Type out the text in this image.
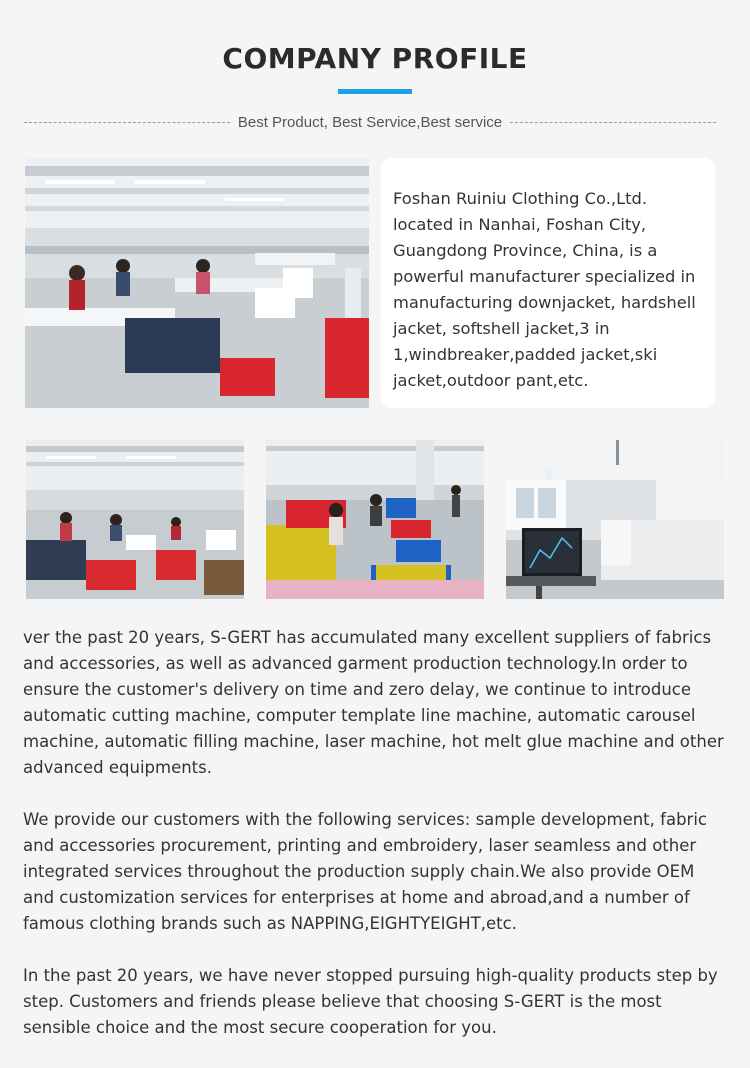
COMPANY PROFILE
Best Product, Best Service,Best service

Foshan Ruiniu Clothing Co.,Ltd. located in Nanhai, Foshan City, Guangdong Province, China, is a powerful manufacturer specialized in manufacturing downjacket, hardshell jacket, softshell jacket,3 in 1,windbreaker,padded jacket,ski jacket,outdoor pant,etc.

ver the past 20 years, S-GERT has accumulated many excellent suppliers of fabrics and accessories, as well as advanced garment production technology.In order to ensure the customer's delivery on time and zero delay, we continue to introduce automatic cutting machine, computer template line machine, automatic carousel machine, automatic filling machine, laser machine, hot melt glue machine and other advanced equipments.

We provide our customers with the following services: sample development, fabric and accessories procurement, printing and embroidery, laser seamless and other integrated services throughout the production supply chain.We also provide OEM and customization services for enterprises at home and abroad,and a number of famous clothing brands such as NAPPING,EIGHTYEIGHT,etc.

In the past 20 years, we have never stopped pursuing high-quality products step by step. Customers and friends please believe that choosing S-GERT is the most sensible choice and the most secure cooperation for you.
